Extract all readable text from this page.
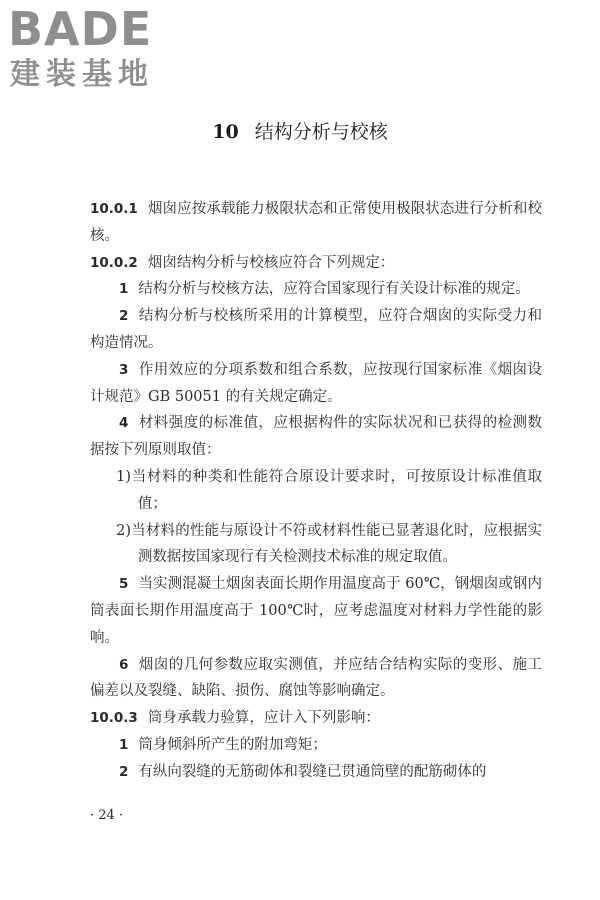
BADE
建装基地
10 结构分析与校核

10.0.1 烟囱应按承载能力极限状态和正常使用极限状态进行分析和校核。

10.0.2 烟囱结构分析与校核应符合下列规定：

1 结构分析与校核方法，应符合国家现行有关设计标准的规定。

2 结构分析与校核所采用的计算模型，应符合烟囱的实际受力和构造情况。

3 作用效应的分项系数和组合系数，应按现行国家标准《烟囱设计规范》GB 50051 的有关规定确定。

4 材料强度的标准值，应根据构件的实际状况和已获得的检测数据按下列原则取值：

1)当材料的种类和性能符合原设计要求时，可按原设计标准值取值；

2)当材料的性能与原设计不符或材料性能已显著退化时，应根据实测数据按国家现行有关检测技术标准的规定取值。

5 当实测混凝土烟囱表面长期作用温度高于 60℃，钢烟囱或钢内筒表面长期作用温度高于 100℃时，应考虑温度对材料力学性能的影响。

6 烟囱的几何参数应取实测值，并应结合结构实际的变形、施工偏差以及裂缝、缺陷、损伤、腐蚀等影响确定。

10.0.3 筒身承载力验算，应计入下列影响：

1 筒身倾斜所产生的附加弯矩；

2 有纵向裂缝的无筋砌体和裂缝已贯通筒壁的配筋砌体的

· 24 ·
